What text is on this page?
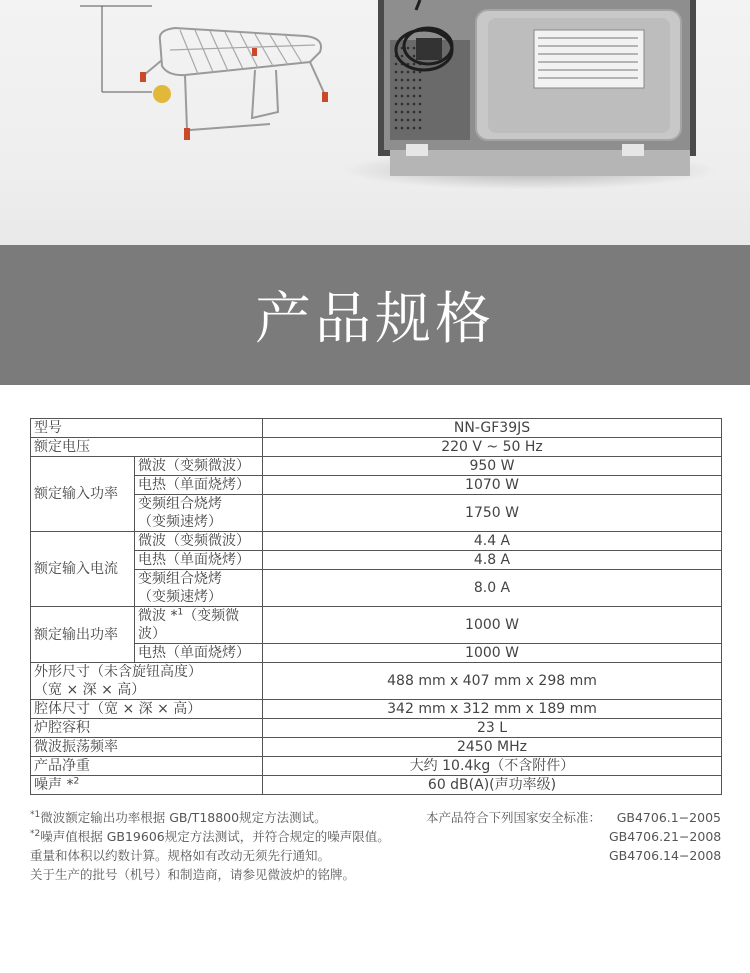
产品规格
型号		NN-GF39JS
额定电压		220 V ~ 50 Hz
额定输入功率	微波（变频微波）	950 W
	电热（单面烧烤）	1070 W

	变频组合烧烤
（变频速烤）	1750 W
额定输入电流	微波（变频微波）	4.4 A
	电热（单面烧烤）	4.8 A

	变频组合烧烤
（变频速烤）	8.0 A
额定输出功率	微波 *$^1$（变频微波）	1000 W
	电热（单面烧烤）	1000 W

外形尺寸（未含旋钮高度）
（宽 × 深 × 高）		488 mm x 407 mm x 298 mm
腔体尺寸（宽 × 深 × 高）		342 mm x 312 mm x 189 mm
炉腔容积		23 L
微波振荡频率		2450 MHz
产品净重		大约 10.4kg（不含附件）
噪声 *$^2$		60 dB(A)(声功率级)
$^{*1}$微波额定输出功率根据 GB/T18800规定方法测试。
$^{*2}$噪声值根据 GB19606规定方法测试，并符合规定的噪声限值。
重量和体积以约数计算。规格如有改动无须先行通知。
关于生产的批号（机号）和制造商，请参见微波炉的铭牌。
本产品符合下列国家安全标准：	GB4706.1−2005
GB4706.21−2008
GB4706.14−2008
